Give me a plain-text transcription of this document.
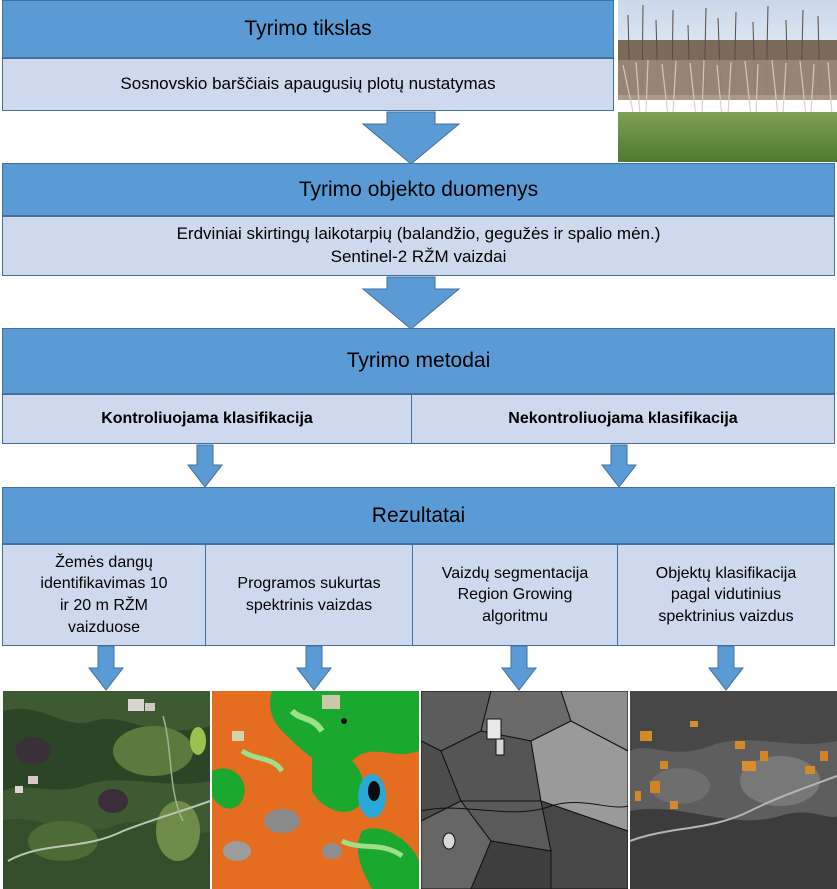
Tyrimo tikslas
Sosnovskio barščiais apaugusių plotų nustatymas
Tyrimo objekto duomenys
Erdviniai skirtingų laikotarpių (balandžio, gegužės ir spalio mėn.)
Sentinel-2 RŽM vaizdai
Tyrimo metodai
Kontroliuojama klasifikacija	Nekontroliuojama klasifikacija
Rezultatai
Žemės dangų
identifikavimas 10
ir 20 m RŽM
vaizduose
Programos sukurtas
spektrinis vaizdas
Vaizdų segmentacija
Region Growing
algoritmu
Objektų klasifikacija
pagal vidutinius
spektrinius vaizdus
